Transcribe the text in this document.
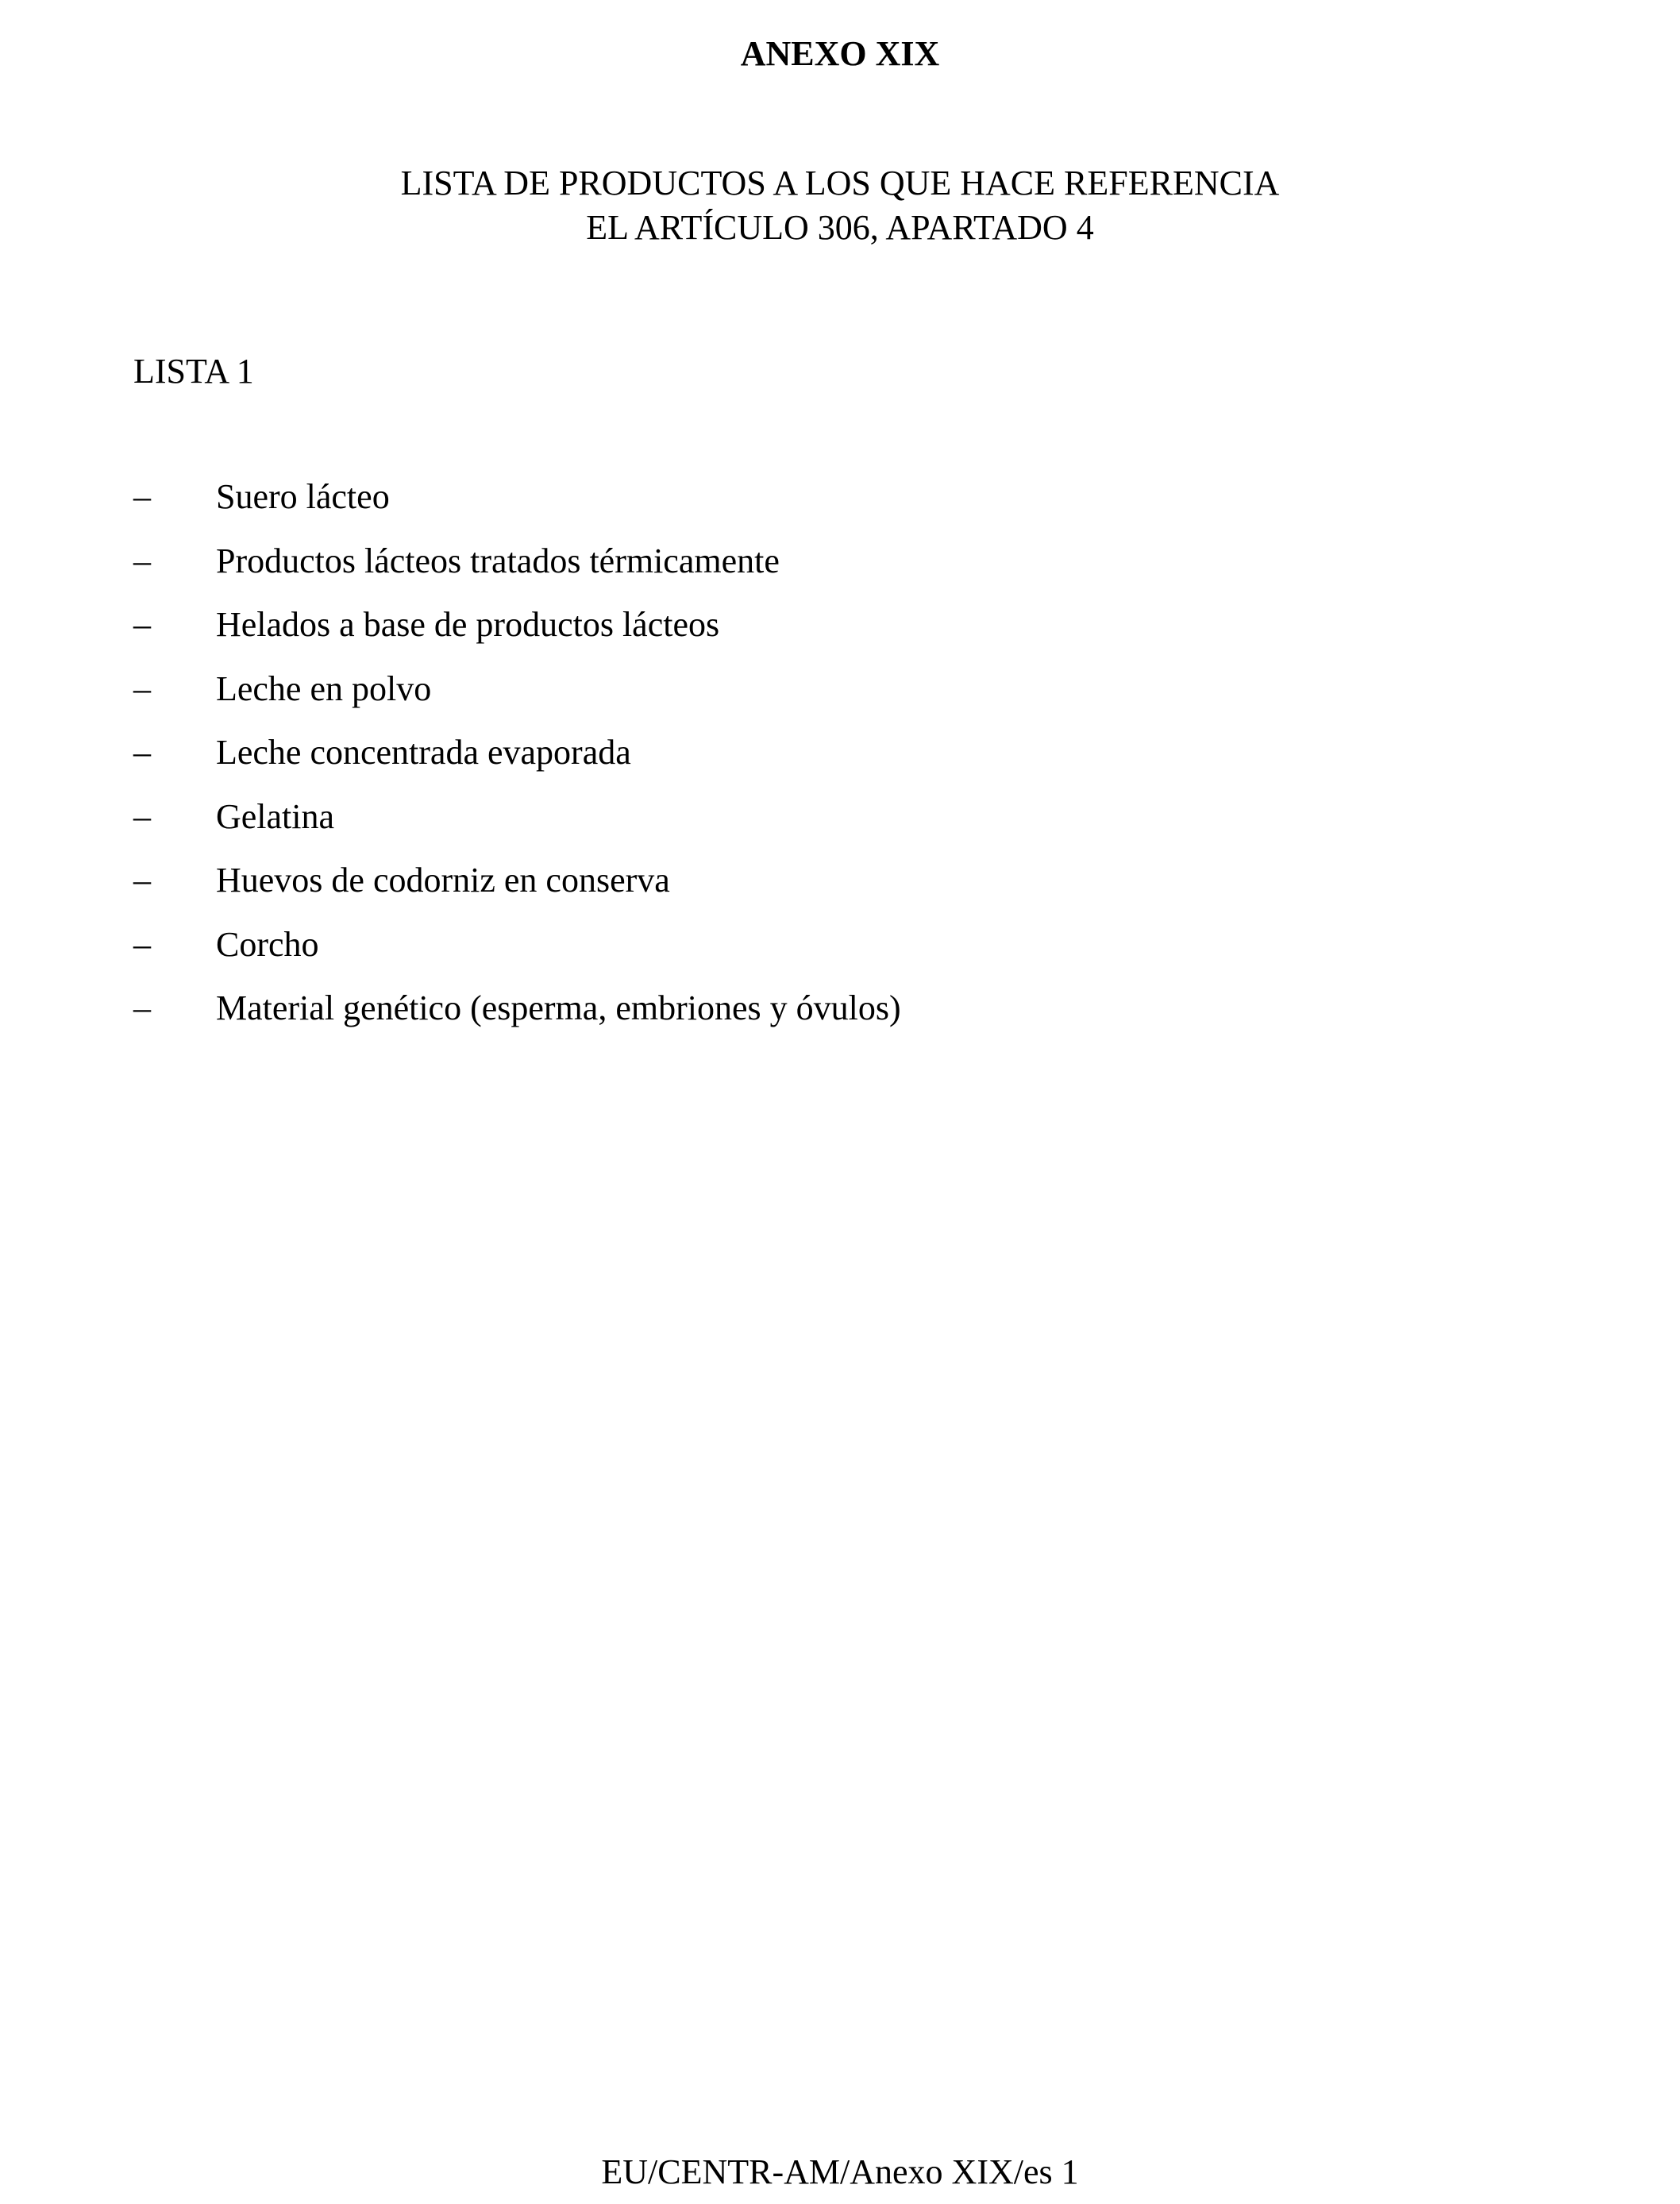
ANEXO XIX
LISTA DE PRODUCTOS A LOS QUE HACE REFERENCIA
EL ARTÍCULO 306, APARTADO 4
LISTA 1
–	Suero lácteo
–	Productos lácteos tratados térmicamente
–	Helados a base de productos lácteos
–	Leche en polvo
–	Leche concentrada evaporada
–	Gelatina
–	Huevos de codorniz en conserva
–	Corcho
–	Material genético (esperma, embriones y óvulos)
EU/CENTR-AM/Anexo XIX/es 1
